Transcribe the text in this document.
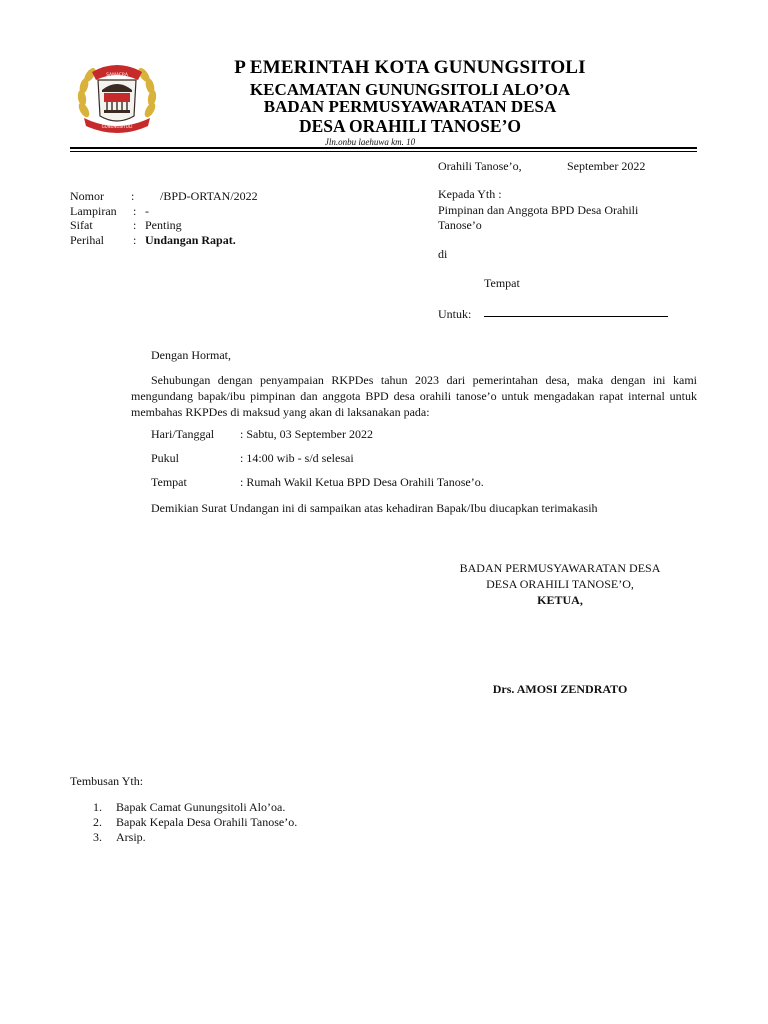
SAMAERA
GUNUNGSITOLI
P EMERINTAH KOTA GUNUNGSITOLI
KECAMATAN GUNUNGSITOLI ALO’OA
BADAN PERMUSYAWARATAN DESA
DESA ORAHILI TANOSE’O
Jln.onbu laehuwa km. 10
Orahili Tanose’o,	September 2022
Nomor : /BPD-ORTAN/2022
Lampiran : -
Sifat	: Penting
Perihal : Undangan Rapat.
Kepada Yth :
Pimpinan dan Anggota BPD Desa Orahili
Tanose’o
di
Tempat
Untuk:
Dengan Hormat,
Sehubungan dengan penyampaian RKPDes tahun 2023 dari pemerintahan desa, maka dengan ini kami mengundang bapak/ibu pimpinan dan anggota BPD desa orahili tanose’o untuk mengadakan rapat internal untuk membahas RKPDes di maksud yang akan di laksanakan pada:
Hari/Tanggal : Sabtu, 03 September 2022
Pukul	: 14:00 wib - s/d selesai
Tempat	: Rumah Wakil Ketua BPD Desa Orahili Tanose’o.
Demikian Surat Undangan ini di sampaikan atas kehadiran Bapak/Ibu diucapkan terimakasih
BADAN PERMUSYAWARATAN DESA
DESA ORAHILI TANOSE’O,
KETUA,
Drs. AMOSI ZENDRATO
Tembusan Yth:
1. Bapak Camat Gunungsitoli Alo’oa.
2. Bapak Kepala Desa Orahili Tanose’o.
3. Arsip.
